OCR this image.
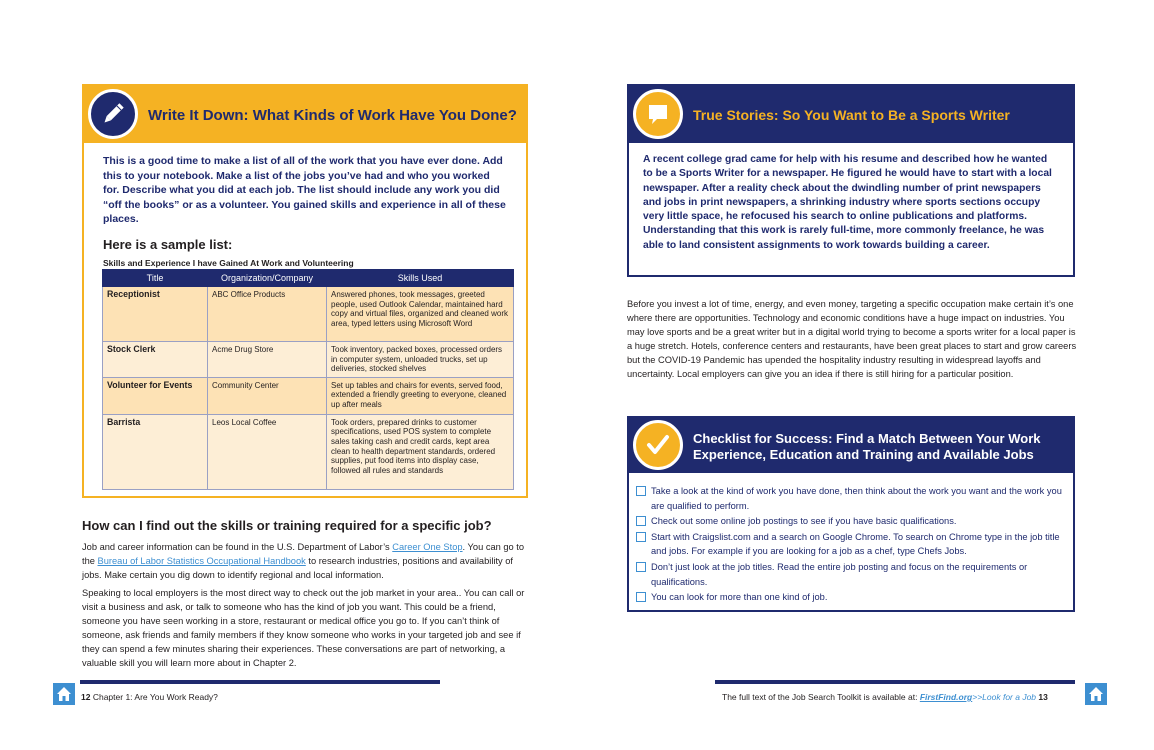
Write It Down: What Kinds of Work Have You Done?
This is a good time to make a list of all of the work that you have ever done. Add this to your notebook. Make a list of the jobs you’ve had and who you worked for. Describe what you did at each job. The list should include any work you did “off the books” or as a volunteer. You gained skills and experience in all of these places.
Here is a sample list:
Skills and Experience I have Gained At Work and Volunteering
Title	Organization/Company	Skills Used
Receptionist	ABC Office Products	Answered phones, took messages, greeted people, used Outlook Calendar, maintained hard copy and virtual files, organized and cleaned work area, typed letters using Microsoft Word
Stock Clerk	Acme Drug Store	Took inventory, packed boxes, processed orders in computer system, unloaded trucks, set up deliveries, stocked shelves
Volunteer for Events	Community Center	Set up tables and chairs for events, served food, extended a friendly greeting to everyone, cleaned up after meals
Barrista	Leos Local Coffee	Took orders, prepared drinks to customer specifications, used POS system to complete sales taking cash and credit cards, kept area clean to health department standards, ordered supplies, put food items into display case, followed all rules and standards
How can I find out the skills or training required for a specific job?
Job and career information can be found in the U.S. Department of Labor’s Career One Stop. You can go to the Bureau of Labor Statistics Occupational Handbook to research industries, positions and availability of jobs. Make certain you dig down to identify regional and local information.
Speaking to local employers is the most direct way to check out the job market in your area.. You can call or visit a business and ask, or talk to someone who has the kind of job you want. This could be a friend, someone you have seen working in a store, restaurant or medical office you go to. If you can’t think of someone, ask friends and family members if they know someone who works in your targeted job and see if they can spend a few minutes sharing their experiences. These conversations are part of networking, a valuable skill you will learn more about in Chapter 2.
12 Chapter 1: Are You Work Ready?
True Stories: So You Want to Be a Sports Writer
A recent college grad came for help with his resume and described how he wanted to be a Sports Writer for a newspaper. He figured he would have to start with a local newspaper. After a reality check about the dwindling number of print newspapers and jobs in print newspapers, a shrinking industry where sports sections occupy very little space, he refocused his search to online publications and platforms. Understanding that this work is rarely full-time, more commonly freelance, he was able to land consistent assignments to work towards building a career.
Before you invest a lot of time, energy, and even money, targeting a specific occupation make certain it’s one where there are opportunities. Technology and economic conditions have a huge impact on industries. You may love sports and be a great writer but in a digital world trying to become a sports writer for a local paper is a huge stretch. Hotels, conference centers and restaurants, have been great places to start and grow careers but the COVID-19 Pandemic has upended the hospitality industry resulting in widespread layoffs and uncertainty. Local employers can give you an idea if there is still hiring for a particular position.
Checklist for Success: Find a Match Between Your Work Experience, Education and Training and Available Jobs
Take a look at the kind of work you have done, then think about the work you want and the work you are qualified to perform.
Check out some online job postings to see if you have basic qualifications.
Start with Craigslist.com and a search on Google Chrome. To search on Chrome type in the job title and jobs. For example if you are looking for a job as a chef, type Chefs Jobs.
Don’t just look at the job titles. Read the entire job posting and focus on the requirements or qualifications.
You can look for more than one kind of job.
The full text of the Job Search Toolkit is available at: FirstFind.org>>Look for a Job 13
